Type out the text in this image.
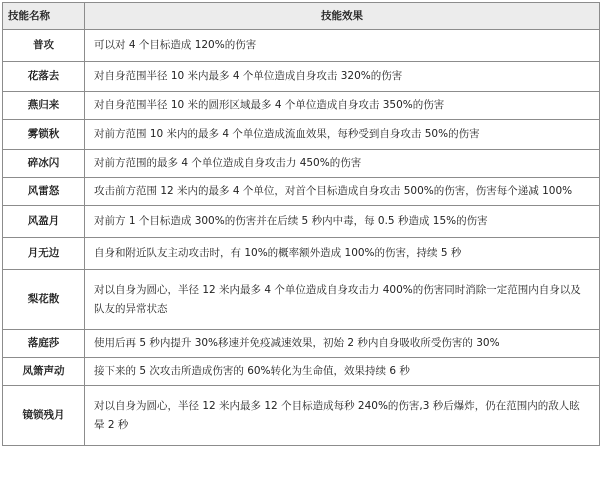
技能名称	技能效果
普攻	可以对 4 个目标造成 120%的伤害
花落去	对自身范围半径 10 米内最多 4 个单位造成自身攻击 320%的伤害
燕归来	对自身范围半径 10 米的圆形区域最多 4 个单位造成自身攻击 350%的伤害
雾锁秋	对前方范围 10 米内的最多 4 个单位造成流血效果，每秒受到自身攻击 50%的伤害
碎冰闪	对前方范围的最多 4 个单位造成自身攻击力 450%的伤害
风雷怒	攻击前方范围 12 米内的最多 4 个单位，对首个目标造成自身攻击 500%的伤害，伤害每个递减 100%
风盈月	对前方 1 个目标造成 300%的伤害并在后续 5 秒内中毒，每 0.5 秒造成 15%的伤害
月无边	自身和附近队友主动攻击时，有 10%的概率额外造成 100%的伤害，持续 5 秒
梨花散	对以自身为圆心，半径 12 米内最多 4 个单位造成自身攻击力 400%的伤害同时消除一定范围内自身以及队友的异常状态
落庭莎	使用后再 5 秒内提升 30%移速并免疫减速效果，初始 2 秒内自身吸收所受伤害的 30%
凤箫声动	接下来的 5 次攻击所造成伤害的 60%转化为生命值，效果持续 6 秒
镜锁残月	对以自身为圆心，半径 12 米内最多 12 个目标造成每秒 240%的伤害,3 秒后爆炸，仍在范围内的敌人眩晕 2 秒
